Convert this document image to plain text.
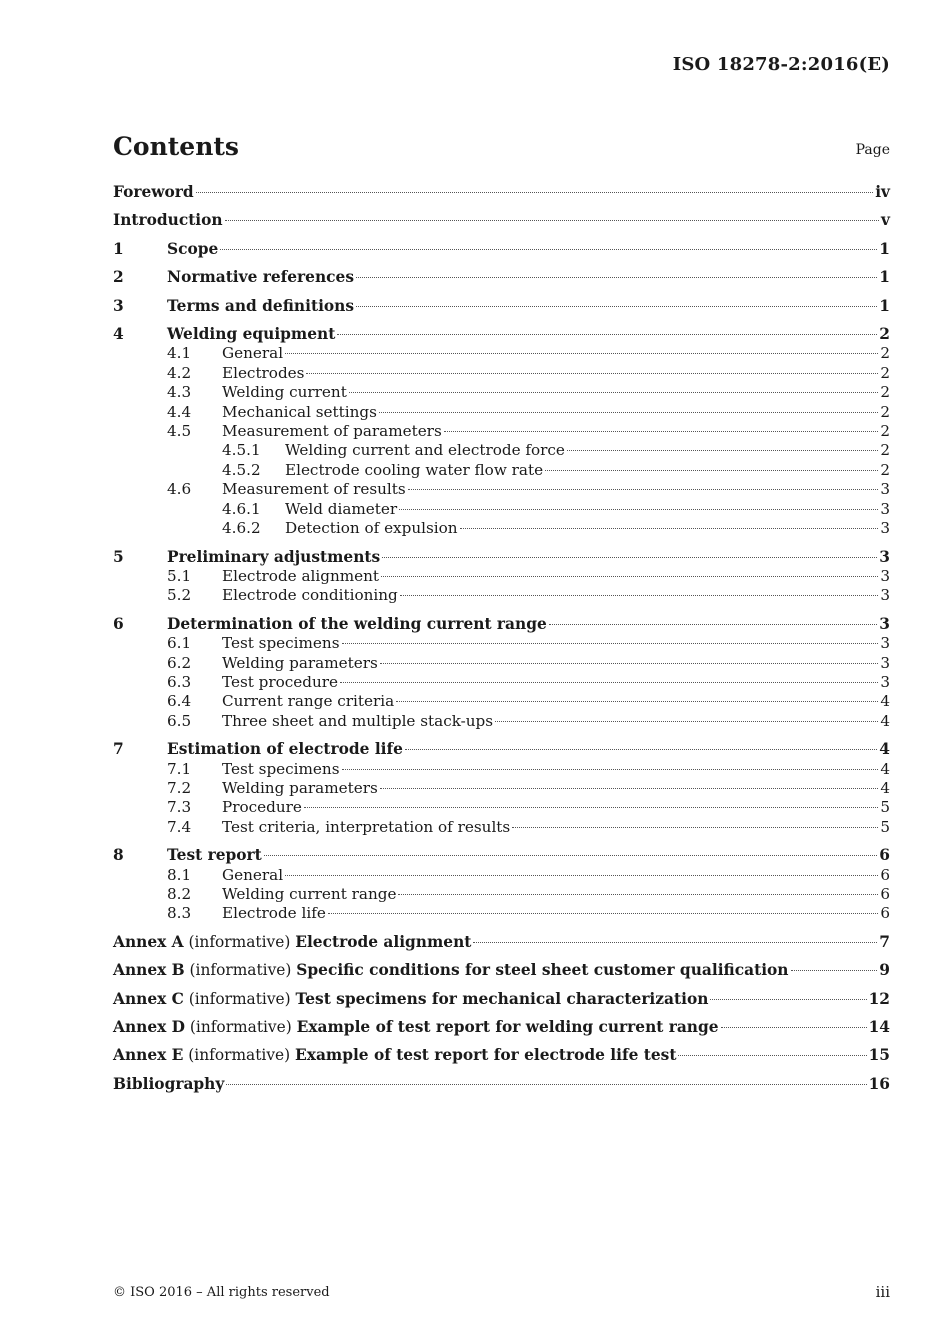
ISO 18278-2:2016(E)
Contents	Page
Foreword	iv
Introduction	v
1	Scope	1
2	Normative references	1
3	Terms and definitions	1
4	Welding equipment	2
4.1	General	2
4.2	Electrodes	2
4.3	Welding current	2
4.4	Mechanical settings	2
4.5	Measurement of parameters	2
4.5.1	Welding current and electrode force	2
4.5.2	Electrode cooling water flow rate	2
4.6	Measurement of results	3
4.6.1	Weld diameter	3
4.6.2	Detection of expulsion	3
5	Preliminary adjustments	3
5.1	Electrode alignment	3
5.2	Electrode conditioning	3
6	Determination of the welding current range	3
6.1	Test specimens	3
6.2	Welding parameters	3
6.3	Test procedure	3
6.4	Current range criteria	4
6.5	Three sheet and multiple stack-ups	4
7	Estimation of electrode life	4
7.1	Test specimens	4
7.2	Welding parameters	4
7.3	Procedure	5
7.4	Test criteria, interpretation of results	5
8	Test report	6
8.1	General	6
8.2	Welding current range	6
8.3	Electrode life	6
Annex A (informative) Electrode alignment	7
Annex B (informative) Specific conditions for steel sheet customer qualification	9
Annex C (informative) Test specimens for mechanical characterization	12
Annex D (informative) Example of test report for welding current range	14
Annex E (informative) Example of test report for electrode life test	15
Bibliography	16
© ISO 2016 – All rights reserved	iii
